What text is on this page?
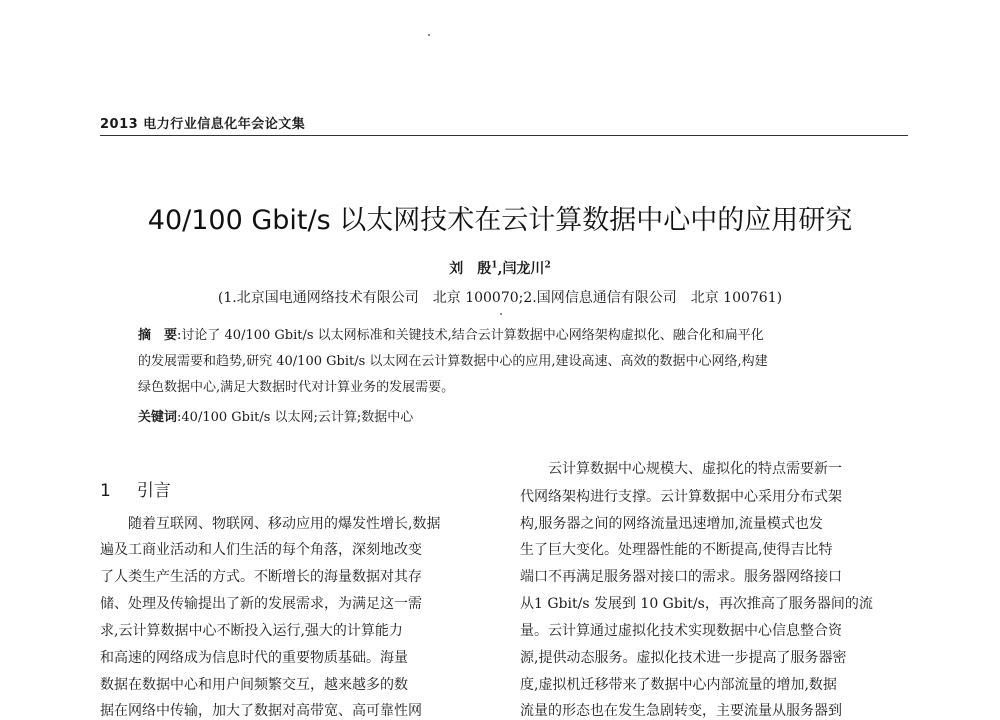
2013 电力行业信息化年会论文集
40/100 Gbit/s 以太网技术在云计算数据中心中的应用研究
刘　殷$^1$,闫龙川$^2$
(1.北京国电通网络技术有限公司　北京 100070;2.国网信息通信有限公司　北京 100761)
摘　要:讨论了 40/100 Gbit/s 以太网标准和关键技术,结合云计算数据中心网络架构虚拟化、融合化和扁平化
的发展需要和趋势,研究 40/100 Gbit/s 以太网在云计算数据中心的应用,建设高速、高效的数据中心网络,构建
绿色数据中心,满足大数据时代对计算业务的发展需要。
关键词:40/100 Gbit/s 以太网;云计算;数据中心
1 引言
随着互联网、物联网、移动应用的爆发性增长,数据
遍及工商业活动和人们生活的每个角落，深刻地改变
了人类生产生活的方式。不断增长的海量数据对其存
储、处理及传输提出了新的发展需求，为满足这一需
求,云计算数据中心不断投入运行,强大的计算能力
和高速的网络成为信息时代的重要物质基础。海量
数据在数据中心和用户间频繁交互，越来越多的数
据在网络中传输，加大了数据对高带宽、高可靠性网
云计算数据中心规模大、虚拟化的特点需要新一
代网络架构进行支撑。云计算数据中心采用分布式架
构,服务器之间的网络流量迅速增加,流量模式也发
生了巨大变化。处理器性能的不断提高,使得吉比特
端口不再满足服务器对接口的需求。服务器网络接口
从1 Gbit/s 发展到 10 Gbit/s，再次推高了服务器间的流
量。云计算通过虚拟化技术实现数据中心信息整合资
源,提供动态服务。虚拟化技术进一步提高了服务器密
度,虚拟机迁移带来了数据中心内部流量的增加,数据
流量的形态也在发生急剧转变，主要流量从服务器到
